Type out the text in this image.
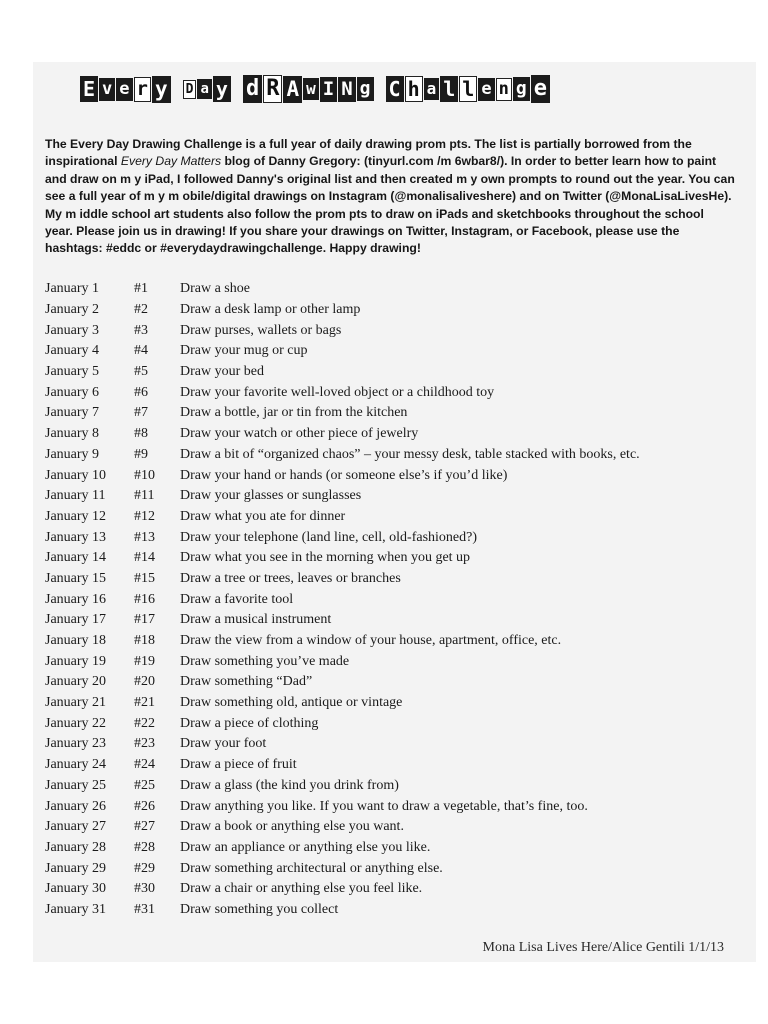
E v e r y D a y d R A w I N g C h a l l e n g e
The Every Day Drawing Challenge is a full year of daily drawing prom pts. The list is partially borrowed from the inspirational Every Day Matters blog of Danny Gregory: (tinyurl.com /m 6wbar8/). In order to better learn how to paint and draw on m y iPad, I followed Danny's original list and then created m y own prompts to round out the year. You can see a full year of m y m obile/digital drawings on Instagram (@monalisaliveshere) and on Twitter (@MonaLisaLivesHe). My m iddle school art students also follow the prom pts to draw on iPads and sketchbooks throughout the school year. Please join us in drawing! If you share your drawings on Twitter, Instagram, or Facebook, please use the hashtags: #eddc or #everydaydrawingchallenge. Happy drawing!
January 1	#1	Draw a shoe
January 2	#2	Draw a desk lamp or other lamp
January 3	#3	Draw purses, wallets or bags
January 4	#4	Draw your mug or cup
January 5	#5	Draw your bed
January 6	#6	Draw your favorite well-loved object or a childhood toy
January 7	#7	Draw a bottle, jar or tin from the kitchen
January 8	#8	Draw your watch or other piece of jewelry
January 9	#9	Draw a bit of “organized chaos” – your messy desk, table stacked with books, etc.
January 10	#10	Draw your hand or hands (or someone else’s if you’d like)
January 11	#11	Draw your glasses or sunglasses
January 12	#12	Draw what you ate for dinner
January 13	#13	Draw your telephone (land line, cell, old-fashioned?)
January 14	#14	Draw what you see in the morning when you get up
January 15	#15	Draw a tree or trees, leaves or branches
January 16	#16	Draw a favorite tool
January 17	#17	Draw a musical instrument
January 18	#18	Draw the view from a window of your house, apartment, office, etc.
January 19	#19	Draw something you’ve made
January 20	#20	Draw something “Dad”
January 21	#21	Draw something old, antique or vintage
January 22	#22	Draw a piece of clothing
January 23	#23	Draw your foot
January 24	#24	Draw a piece of fruit
January 25	#25	Draw a glass (the kind you drink from)
January 26	#26	Draw anything you like. If you want to draw a vegetable, that’s fine, too.
January 27	#27	Draw a book or anything else you want.
January 28	#28	Draw an appliance or anything else you like.
January 29	#29	Draw something architectural or anything else.
January 30	#30	Draw a chair or anything else you feel like.
January 31	#31	Draw something you collect
Mona Lisa Lives Here/Alice Gentili 1/1/13
